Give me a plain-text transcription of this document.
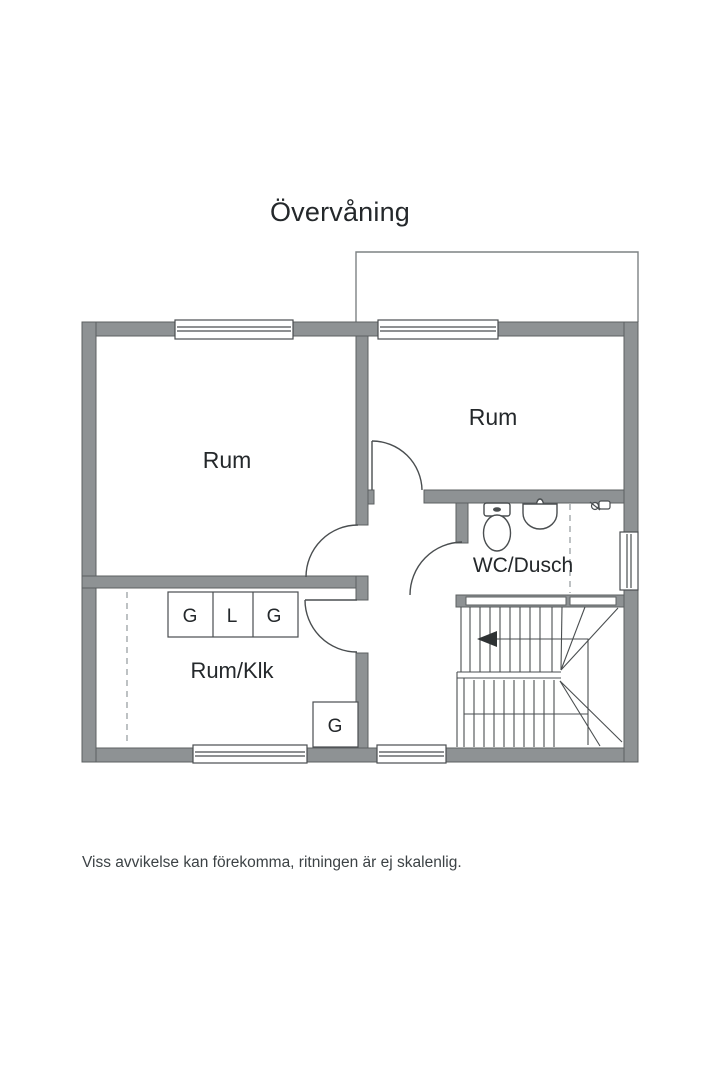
Övervåning
Rum
Rum
WC/Dusch
Rum/Klk
G L G
G
Viss avvikelse kan förekomma, ritningen är ej skalenlig.
